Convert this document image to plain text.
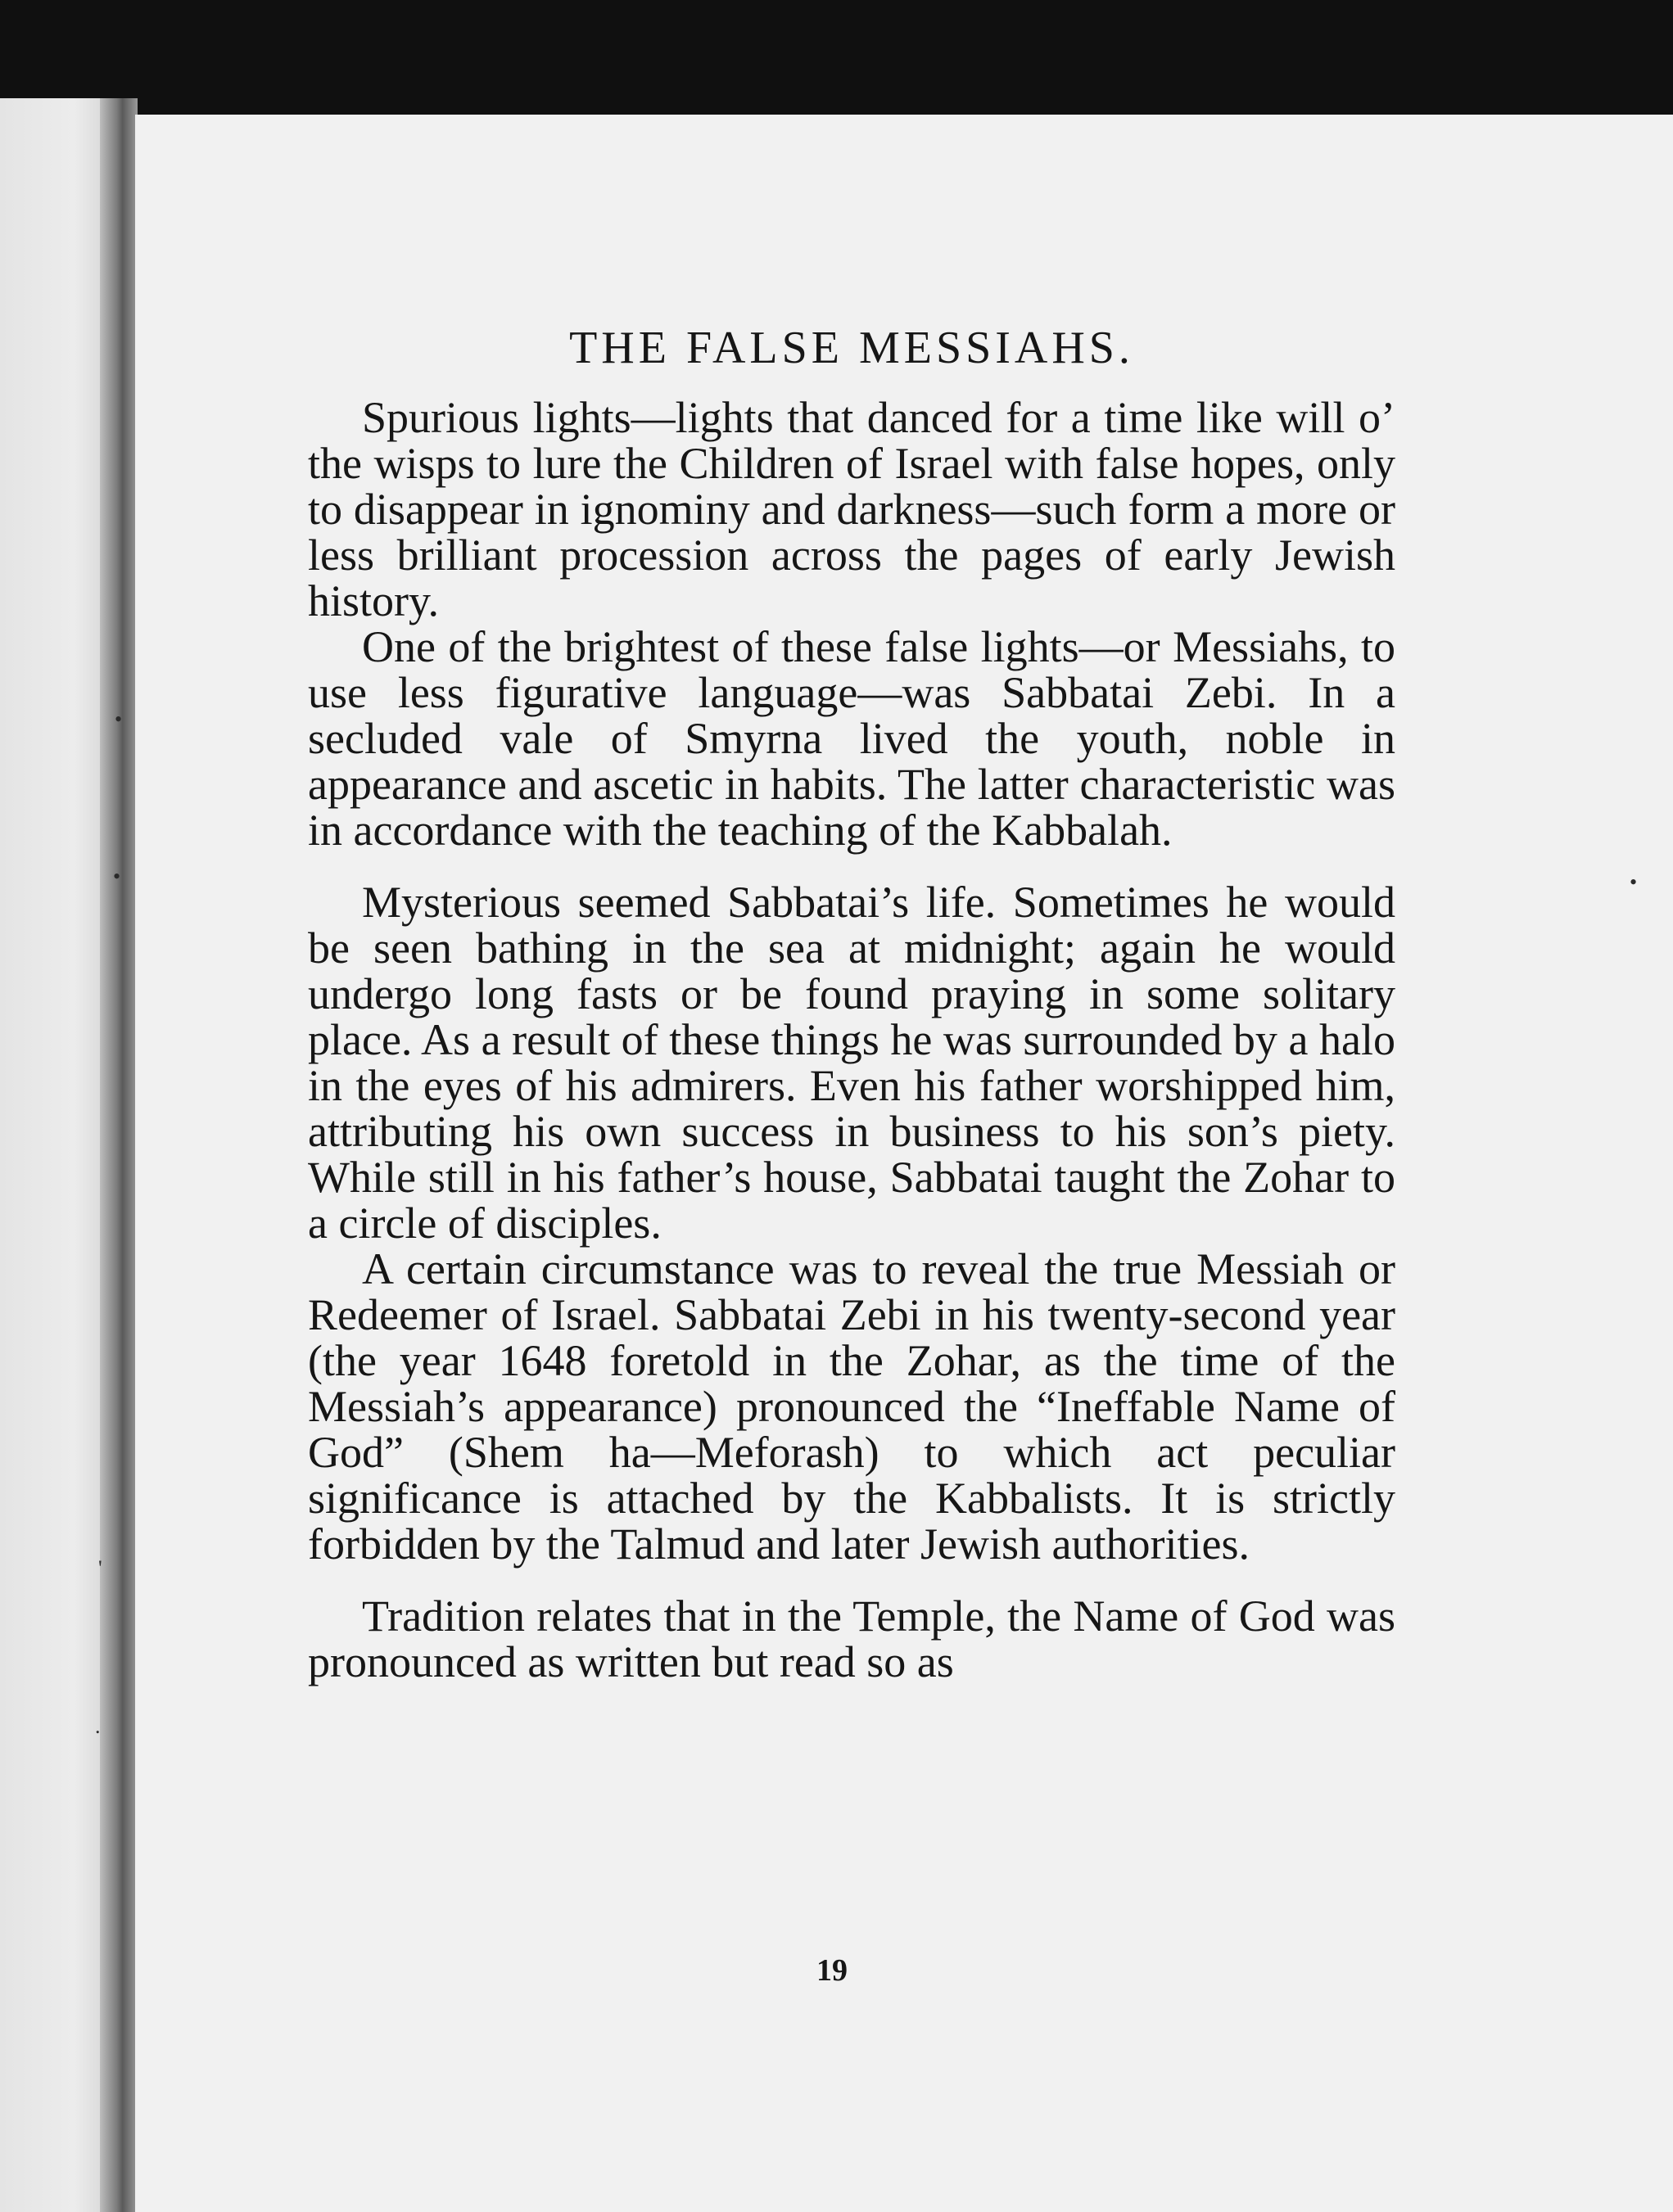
•
•
'
.
•
THE FALSE MESSIAHS.

Spurious lights—lights that danced for a time like will o’ the wisps to lure the Children of Israel with false hopes, only to disappear in ignominy and darkness—such form a more or less brilliant procession across the pages of early Jewish history.

One of the brightest of these false lights—or Messiahs, to use less figurative language—was Sabbatai Zebi. In a secluded vale of Smyrna lived the youth, noble in appearance and ascetic in habits. The latter characteristic was in accordance with the teaching of the Kabbalah.

Mysterious seemed Sabbatai’s life. Sometimes he would be seen bathing in the sea at midnight; again he would undergo long fasts or be found praying in some solitary place. As a result of these things he was surrounded by a halo in the eyes of his admirers. Even his father worshipped him, attributing his own success in business to his son’s piety. While still in his father’s house, Sabbatai taught the Zohar to a circle of disciples.

A certain circumstance was to reveal the true Messiah or Redeemer of Israel. Sabbatai Zebi in his twenty-second year (the year 1648 foretold in the Zohar, as the time of the Messiah’s appearance) pronounced the “Ineffable Name of God” (Shem ha—Meforash) to which act peculiar significance is attached by the Kabbalists. It is strictly forbidden by the Talmud and later Jewish authorities.

Tradition relates that in the Temple, the Name of God was pronounced as written but read so as

19
